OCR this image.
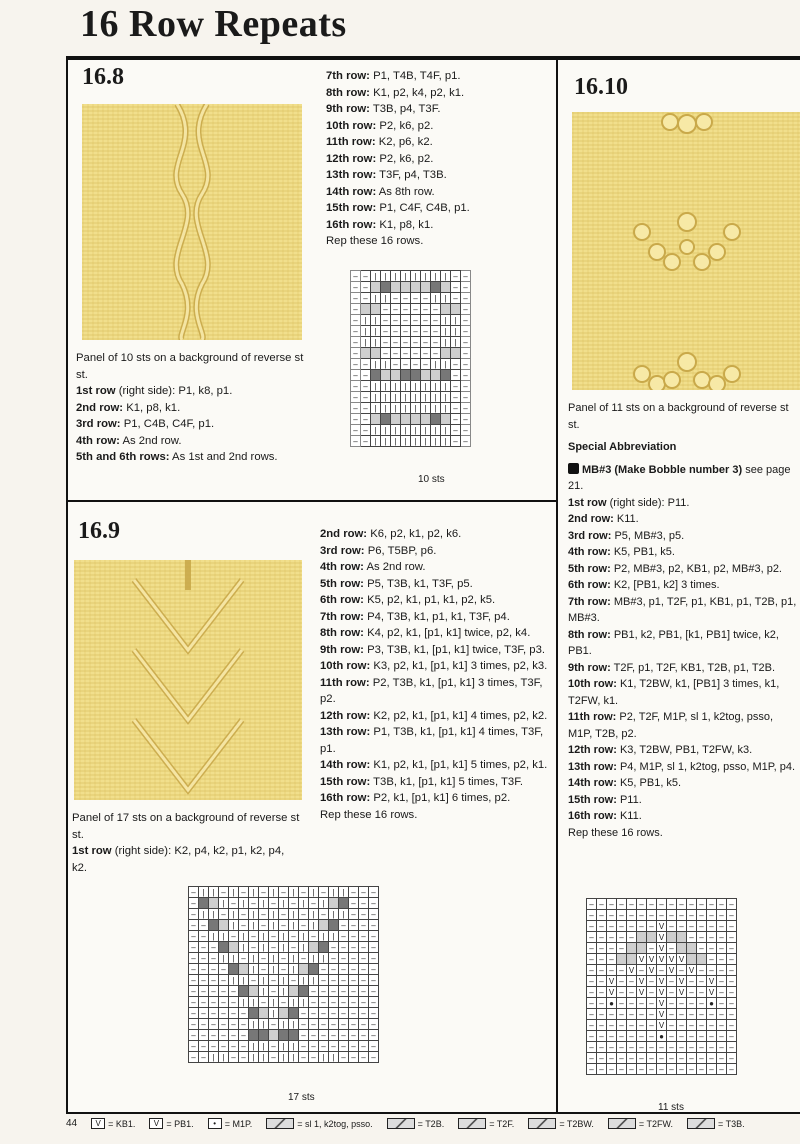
16 Row Repeats
16.8

Panel of 10 sts on a background of reverse st st.

1st row (right side): P1, k8, p1.

2nd row: K1, p8, k1.

3rd row: P1, C4B, C4F, p1.

4th row: As 2nd row.

5th and 6th rows: As 1st and 2nd rows.

7th row: P1, T4B, T4F, p1.

8th row: K1, p2, k4, p2, k1.

9th row: T3B, p4, T3F.

10th row: P2, k6, p2.

11th row: K2, p6, k2.

12th row: P2, k6, p2.

13th row: T3F, p4, T3B.

14th row: As 8th row.

15th row: P1, C4F, C4B, p1.

16th row: K1, p8, k1.

Rep these 16 rows.

–	–	|	|	|	|	|	|	|	|	–	–
–	–									–	–
–	–	|	|	–	–	–	–	|	|	–	–
–			–	–	–	–	–	–			–
–	|	|	–	–	–	–	–	–	|	|	–
–	|	|	–	–	–	–	–	–	|	|	–
–	|	|	–	–	–	–	–	–	|	|	–
–			–	–	–	–	–	–			–
–	–	|	|	–	–	–	–	|	|	–	–
–	–									–	–
–	–	|	|	|	|	|	|	|	|	–	–
–	–	|	|	|	|	|	|	|	|	–	–
–	–	|	|	|	|	|	|	|	|	–	–
–	–									–	–
–	–	|	|	|	|	|	|	|	|	–	–
–	–	|	|	|	|	|	|	|	|	–	–
10 sts
16.9

Panel of 17 sts on a background of reverse st st.

1st row (right side): K2, p4, k2, p1, k2, p4, k2.

2nd row: K6, p2, k1, p2, k6.

3rd row: P6, T5BP, p6.

4th row: As 2nd row.

5th row: P5, T3B, k1, T3F, p5.

6th row: K5, p2, k1, p1, k1, p2, k5.

7th row: P4, T3B, k1, p1, k1, T3F, p4.

8th row: K4, p2, k1, [p1, k1] twice, p2, k4.

9th row: P3, T3B, k1, [p1, k1] twice, T3F, p3.

10th row: K3, p2, k1, [p1, k1] 3 times, p2, k3.

11th row: P2, T3B, k1, [p1, k1] 3 times, T3F, p2.

12th row: K2, p2, k1, [p1, k1] 4 times, p2, k2.

13th row: P1, T3B, k1, [p1, k1] 4 times, T3F, p1.

14th row: K1, p2, k1, [p1, k1] 5 times, p2, k1.

15th row: T3B, k1, [p1, k1] 5 times, T3F.

16th row: P2, k1, [p1, k1] 6 times, p2.

Rep these 16 rows.

–	|	|	–	|	–	|	–	|	–	|	–	|	–	|	|	–	–	–
–			|	–	|	–	|	–	|	–	|	–	|			–	–	–
–	|	|	–	|	–	|	–	|	–	|	–	|	–	|	|	–	–	–
–	–			|	–	|	–	|	–	|	–	|			–	–	–	–
–	–	|	|	–	|	–	|	–	|	–	|	–	|	|	–	–	–	–
–	–	–			|	–	|	–	|	–	|			–	–	–	–	–
–	–	–	|	|	–	|	–	|	–	|	–	|	|	–	–	–	–	–
–	–	–	–			|	–	|	–	|			–	–	–	–	–	–
–	–	–	–	|	|	–	|	–	|	–	|	|	–	–	–	–	–	–
–	–	–	–	–			|	–	|			–	–	–	–	–	–	–
–	–	–	–	–	|	|	–	|	–	|	|	–	–	–	–	–	–	–
–	–	–	–	–	–			|			–	–	–	–	–	–	–	–
–	–	–	–	–	–	|	|	–	|	|	–	–	–	–	–	–	–	–
–	–	–	–	–	–						–	–	–	–	–	–	–	–
–	–	–	–	–	–	|	|	–	|	|	–	–	–	–	–	–	–	–
–	–	|	|	–	–	|	|	–	|	|	–	–	|	|	–	–	–	–
17 sts
16.10

Panel of 11 sts on a background of reverse st st.

Special Abbreviation

MB#3 (Make Bobble number 3) see page 21.

1st row (right side): P11.

2nd row: K11.

3rd row: P5, MB#3, p5.

4th row: K5, PB1, k5.

5th row: P2, MB#3, p2, KB1, p2, MB#3, p2.

6th row: K2, [PB1, k2] 3 times.

7th row: MB#3, p1, T2F, p1, KB1, p1, T2B, p1, MB#3.

8th row: PB1, k2, PB1, [k1, PB1] twice, k2, PB1.

9th row: T2F, p1, T2F, KB1, T2B, p1, T2B.

10th row: K1, T2BW, k1, [PB1] 3 times, k1, T2FW, k1.

11th row: P2, T2F, M1P, sl 1, k2tog, psso, M1P, T2B, p2.

12th row: K3, T2BW, PB1, T2FW, k3.

13th row: P4, M1P, sl 1, k2tog, psso, M1P, p4.

14th row: K5, PB1, k5.

15th row: P11.

16th row: K11.

Rep these 16 rows.

–	–	–	–	–	–	–	–	–	–	–	–	–	–	–
–	–	–	–	–	–	–	–	–	–	–	–	–	–	–
–	–	–	–	–	–	–	V	–	–	–	–	–	–	–
–	–	–	–	–			V			–	–	–	–	–
–	–	–	–			–	V	–			–	–	–	–
–	–	–			V	V	V	V	V			–	–	–
–	–	–	–	V	–	V	–	V	–	V	–	–	–	–
–	–	V	–	–	V	–	V	–	V	–	–	V	–	–
–	–	V	–	–	V	–	V	–	V	–	–	V	–	–
–	–	●	–	–	–	–	V	–	–	–	–	●	–	–
–	–	–	–	–	–	–	V	–	–	–	–	–	–	–
–	–	–	–	–	–	–	V	–	–	–	–	–	–	–
–	–	–	–	–	–	–	●	–	–	–	–	–	–	–
–	–	–	–	–	–	–	–	–	–	–	–	–	–	–
–	–	–	–	–	–	–	–	–	–	–	–	–	–	–
–	–	–	–	–	–	–	–	–	–	–	–	–	–	–
11 sts
44	V = KB1.	V = PB1.	• = M1P.	= sl 1, k2tog, psso.	= T2B.	= T2F.	= T2BW.	= T2FW.	= T3B.
